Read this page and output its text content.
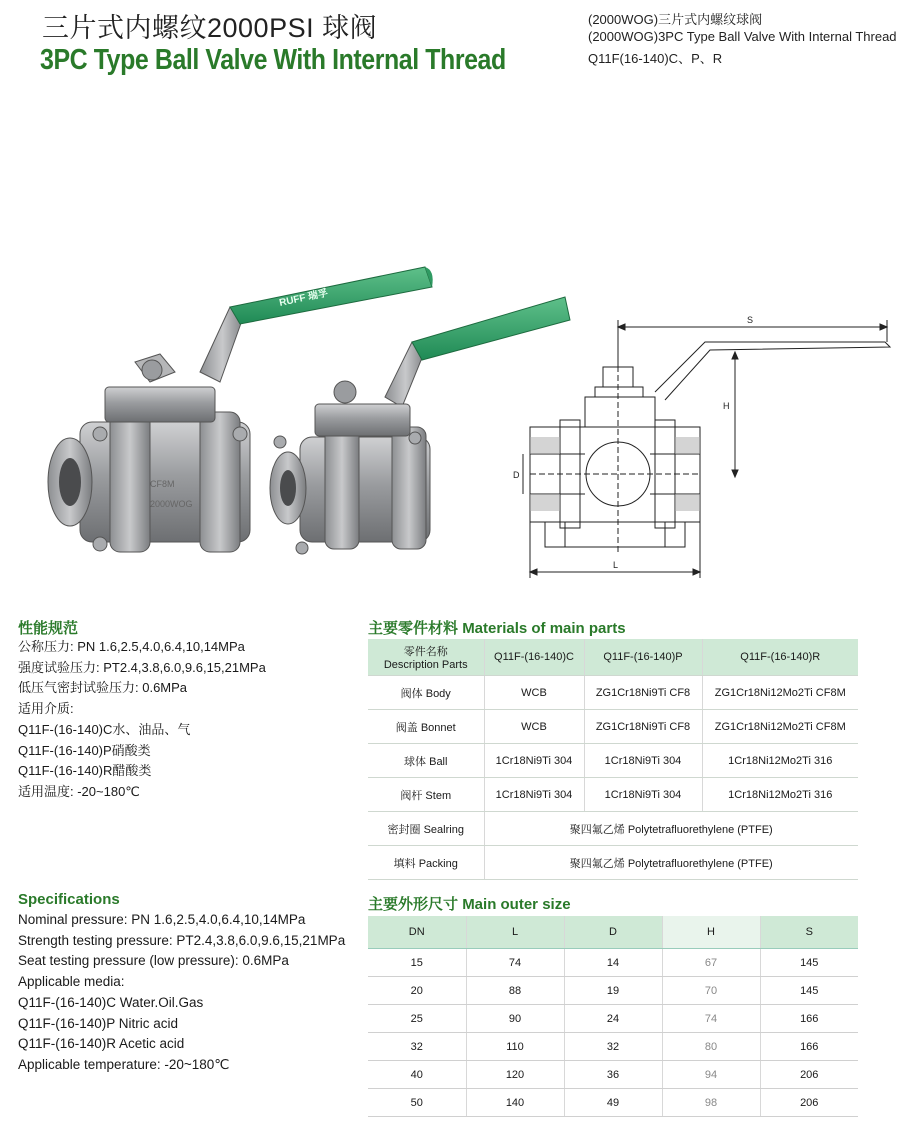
三片式内螺纹2000PSI 球阀
3PC Type Ball Valve With Internal Thread
(2000WOG)三片式内螺纹球阀
(2000WOG)3PC Type Ball Valve With Internal Thread
Q11F(16-140)C、P、R
RUFF 瑞孚
CF8M
2000WOG
S
H
D
L
性能规范
公称压力: PN 1.6,2.5,4.0,6.4,10,14MPa
强度试验压力: PT2.4,3.8,6.0,9.6,15,21MPa
低压气密封试验压力: 0.6MPa
适用介质:
Q11F-(16-140)C水、油品、气
Q11F-(16-140)P硝酸类
Q11F-(16-140)R醋酸类
适用温度: -20~180℃
Specifications
Nominal pressure: PN 1.6,2.5,4.0,6.4,10,14MPa
Strength testing pressure: PT2.4,3.8,6.0,9.6,15,21MPa
Seat testing pressure (low pressure): 0.6MPa
Applicable media:
Q11F-(16-140)C Water.Oil.Gas
Q11F-(16-140)P Nitric acid
Q11F-(16-140)R Acetic acid
Applicable temperature: -20~180℃
主要零件材料 Materials of main parts
零件名称
Description Parts	Q11F-(16-140)C	Q11F-(16-140)P	Q11F-(16-140)R
阀体 Body	WCB	ZG1Cr18Ni9Ti CF8	ZG1Cr18Ni12Mo2Ti CF8M
阀盖 Bonnet	WCB	ZG1Cr18Ni9Ti CF8	ZG1Cr18Ni12Mo2Ti CF8M
球体 Ball	1Cr18Ni9Ti 304	1Cr18Ni9Ti 304	1Cr18Ni12Mo2Ti 316
阀杆 Stem	1Cr18Ni9Ti 304	1Cr18Ni9Ti 304	1Cr18Ni12Mo2Ti 316
密封圈 Sealring	聚四氟乙烯 Polytetrafluorethylene (PTFE)		
填料 Packing	聚四氟乙烯 Polytetrafluorethylene (PTFE)		
主要外形尺寸 Main outer size
DN	L	D	H	S
15	74	14	67	145
20	88	19	70	145
25	90	24	74	166
32	110	32	80	166
40	120	36	94	206
50	140	49	98	206
